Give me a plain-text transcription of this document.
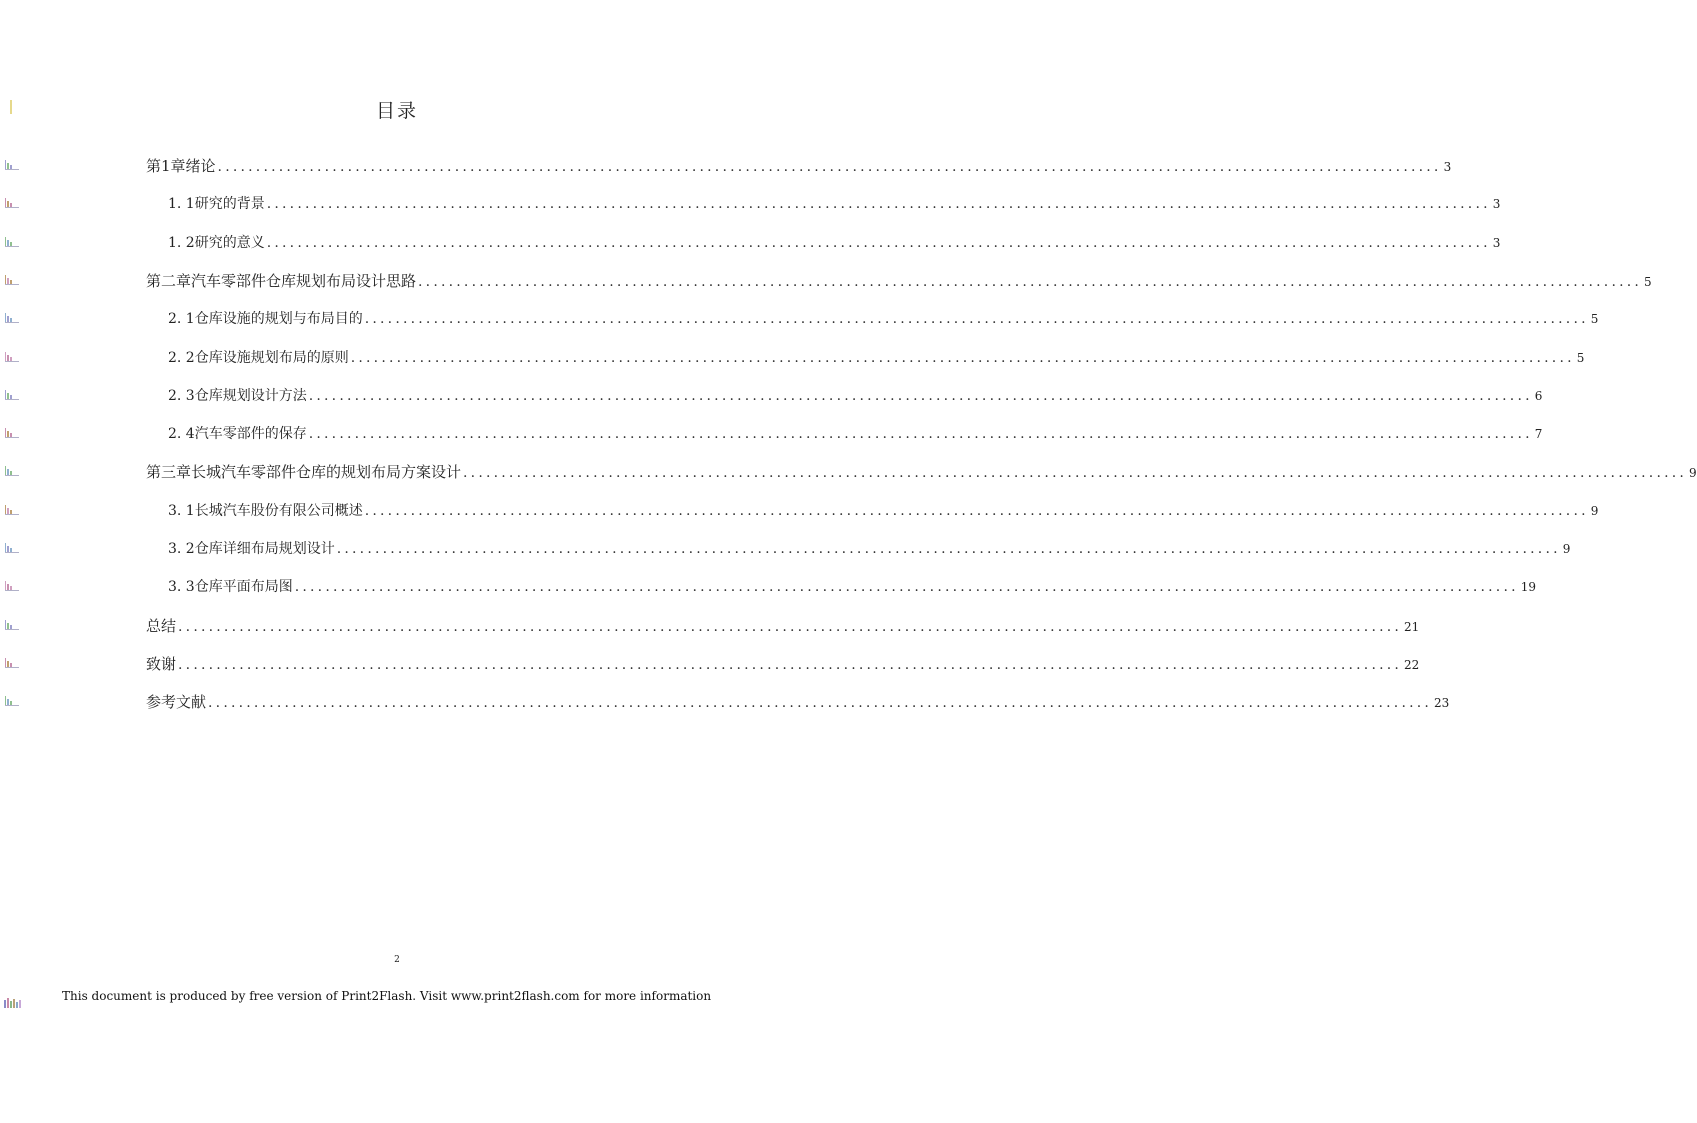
目录
第1章绪论 ................................................................................................................................................................ 3
1. 1研究的背景 ................................................................................................................................................................ 3
1. 2研究的意义 ................................................................................................................................................................ 3
第二章汽车零部件仓库规划布局设计思路 ................................................................................................................................................................ 5
2. 1仓库设施的规划与布局目的 ................................................................................................................................................................ 5
2. 2仓库设施规划布局的原则 ................................................................................................................................................................ 5
2. 3仓库规划设计方法 ................................................................................................................................................................ 6
2. 4汽车零部件的保存 ................................................................................................................................................................ 7
第三章长城汽车零部件仓库的规划布局方案设计 ................................................................................................................................................................ 9
3. 1长城汽车股份有限公司概述 ................................................................................................................................................................ 9
3. 2仓库详细布局规划设计 ................................................................................................................................................................ 9
3. 3仓库平面布局图 ................................................................................................................................................................ 19
总结 ................................................................................................................................................................ 21
致谢 ................................................................................................................................................................ 22
参考文献 ................................................................................................................................................................ 23
2
This document is produced by free version of Print2Flash. Visit www.print2flash.com for more information
